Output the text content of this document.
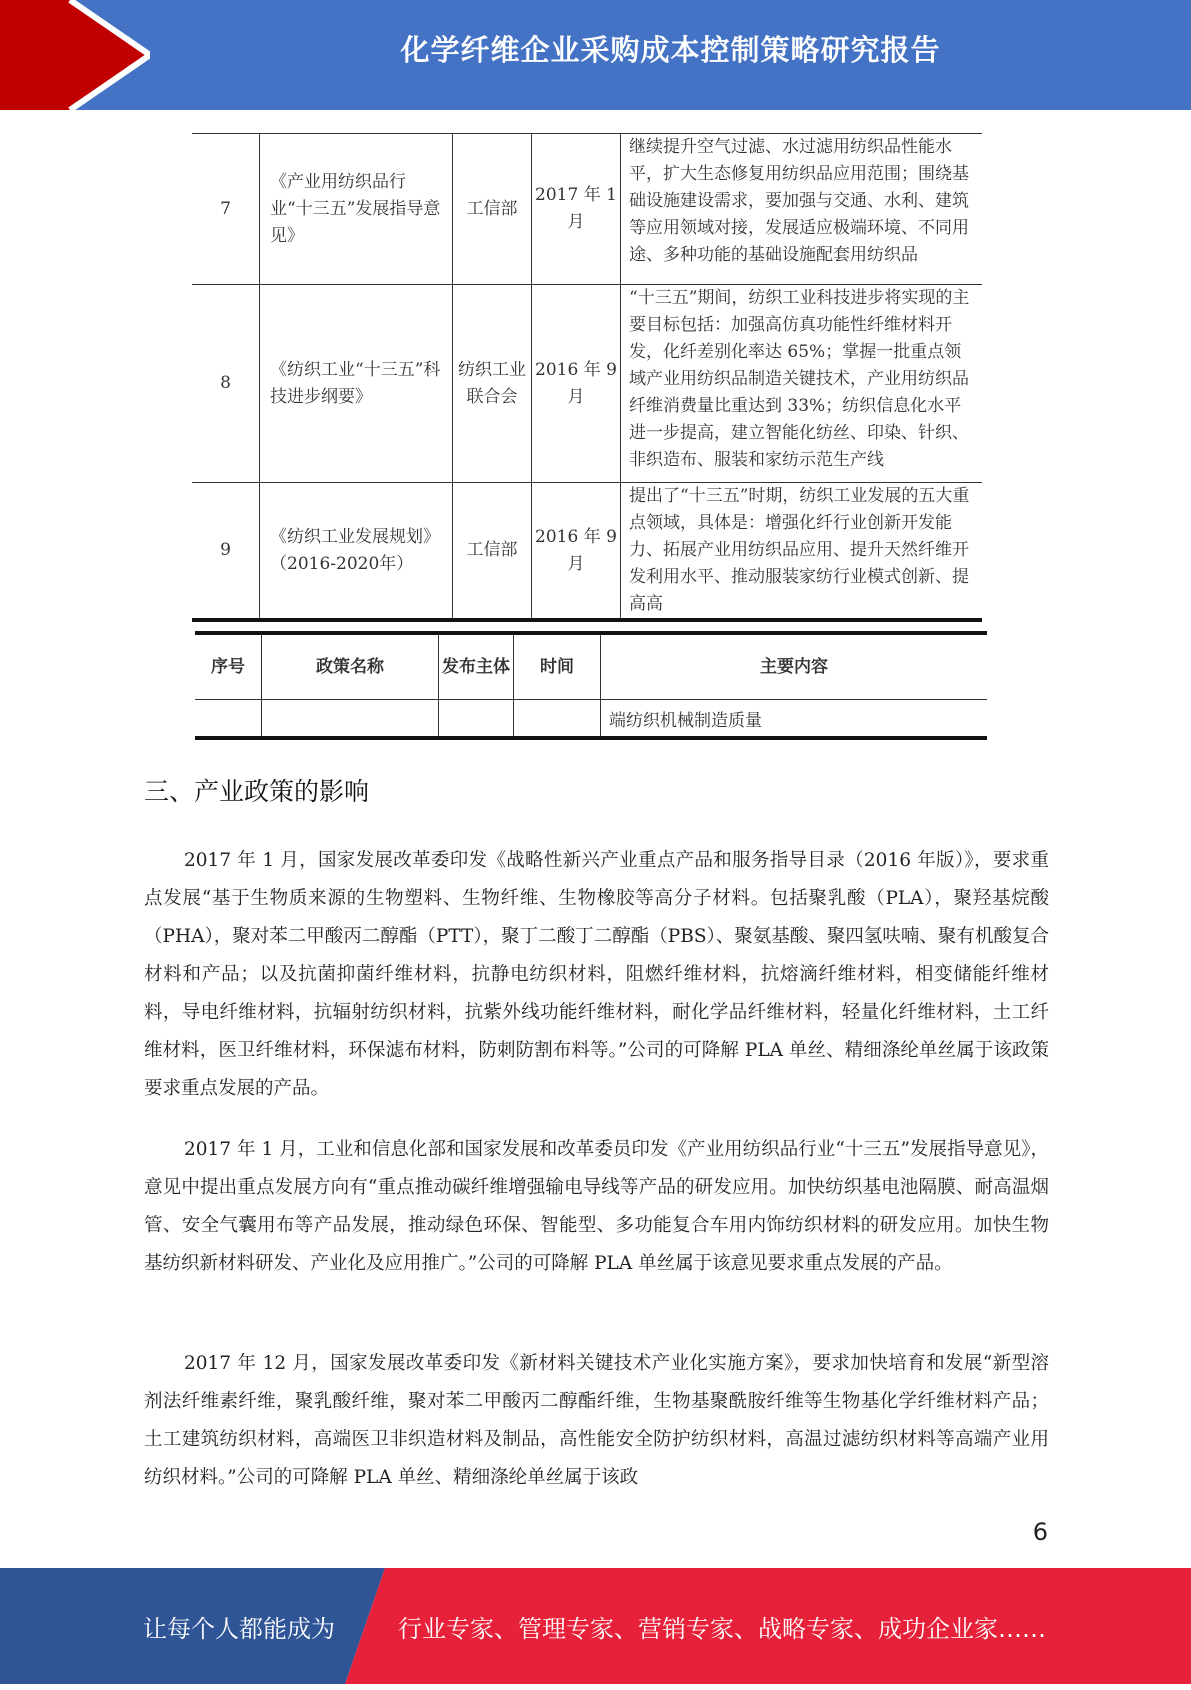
化学纤维企业采购成本控制策略研究报告
7	《产业用纺织品行业“十三五”发展指导意见》	工信部	2017 年 1 月	继续提升空气过滤、水过滤用纺织品性能水平，扩大生态修复用纺织品应用范围；围绕基础设施建设需求，要加强与交通、水利、建筑等应用领域对接，发展适应极端环境、不同用途、多种功能的基础设施配套用纺织品
8	《纺织工业“十三五”科技进步纲要》	纺织工业联合会	2016 年 9 月	“十三五”期间，纺织工业科技进步将实现的主要目标包括：加强高仿真功能性纤维材料开发，化纤差别化率达 65%；掌握一批重点领域产业用纺织品制造关键技术，产业用纺织品纤维消费量比重达到 33%；纺织信息化水平进一步提高，建立智能化纺丝、印染、针织、非织造布、服装和家纺示范生产线
9	《纺织工业发展规划》（2016-2020年）	工信部	2016 年 9 月	提出了“十三五”时期，纺织工业发展的五大重点领域，具体是：增强化纤行业创新开发能力、拓展产业用纺织品应用、提升天然纤维开发利用水平、推动服装家纺行业模式创新、提高高
序号	政策名称	发布主体	时间	主要内容
				端纺织机械制造质量
三、产业政策的影响

2017 年 1 月，国家发展改革委印发《战略性新兴产业重点产品和服务指导目录（2016 年版）》，要求重点发展“基于生物质来源的生物塑料、生物纤维、生物橡胶等高分子材料。包括聚乳酸（PLA），聚羟基烷酸（PHA），聚对苯二甲酸丙二醇酯（PTT），聚丁二酸丁二醇酯（PBS）、聚氨基酸、聚四氢呋喃、聚有机酸复合材料和产品；以及抗菌抑菌纤维材料，抗静电纺织材料，阻燃纤维材料，抗熔滴纤维材料，相变储能纤维材料，导电纤维材料，抗辐射纺织材料，抗紫外线功能纤维材料，耐化学品纤维材料，轻量化纤维材料，土工纤维材料，医卫纤维材料，环保滤布材料，防刺防割布料等。”公司的可降解 PLA 单丝、精细涤纶单丝属于该政策要求重点发展的产品。

2017 年 1 月，工业和信息化部和国家发展和改革委员印发《产业用纺织品行业“十三五”发展指导意见》，意见中提出重点发展方向有“重点推动碳纤维增强输电导线等产品的研发应用。加快纺织基电池隔膜、耐高温烟管、安全气囊用布等产品发展，推动绿色环保、智能型、多功能复合车用内饰纺织材料的研发应用。加快生物基纺织新材料研发、产业化及应用推广。”公司的可降解 PLA 单丝属于该意见要求重点发展的产品。

2017 年 12 月，国家发展改革委印发《新材料关键技术产业化实施方案》，要求加快培育和发展“新型溶剂法纤维素纤维，聚乳酸纤维，聚对苯二甲酸丙二醇酯纤维，生物基聚酰胺纤维等生物基化学纤维材料产品；土工建筑纺织材料，高端医卫非织造材料及制品，高性能安全防护纺织材料，高温过滤纺织材料等高端产业用纺织材料。”公司的可降解 PLA 单丝、精细涤纶单丝属于该政

6
让每个人都能成为	行业专家、管理专家、营销专家、战略专家、成功企业家……
